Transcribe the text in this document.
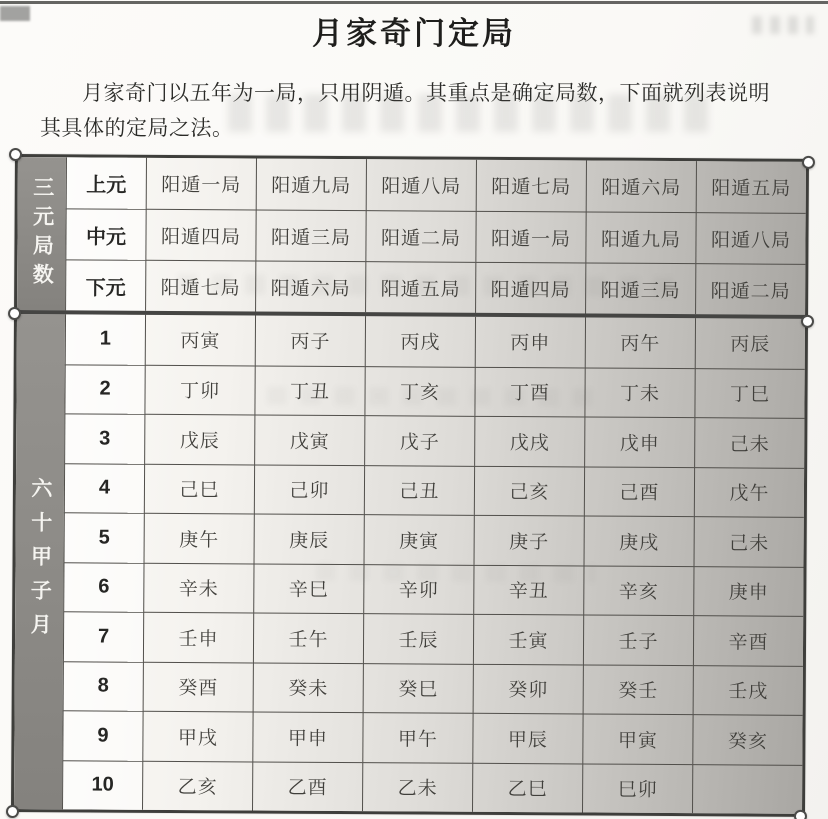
月家奇门定局
月家奇门以五年为一局，只用阴遁。其重点是确定局数，下面就列表说明
其具体的定局之法。
三元局数	上元	阳遁一局	阳遁九局	阳遁八局	阳遁七局	阳遁六局	阳遁五局
中元	阳遁四局	阳遁三局	阳遁二局	阳遁一局	阳遁九局	阳遁八局
下元	阳遁七局	阳遁六局	阳遁五局	阳遁四局	阳遁三局	阳遁二局
六十甲子月
1	丙寅	丙子	丙戌	丙申	丙午	丙辰
2	丁卯	丁丑	丁亥	丁酉	丁未	丁巳
3	戊辰	戊寅	戊子	戊戌	戊申	己未
4	己巳	己卯	己丑	己亥	己酉	戊午
5	庚午	庚辰	庚寅	庚子	庚戌	己未
6	辛未	辛巳	辛卯	辛丑	辛亥	庚申
7	壬申	壬午	壬辰	壬寅	壬子	辛酉
8	癸酉	癸未	癸巳	癸卯	癸壬	壬戌
9	甲戌	甲申	甲午	甲辰	甲寅	癸亥
10	乙亥	乙酉	乙未	乙巳	巳卯
